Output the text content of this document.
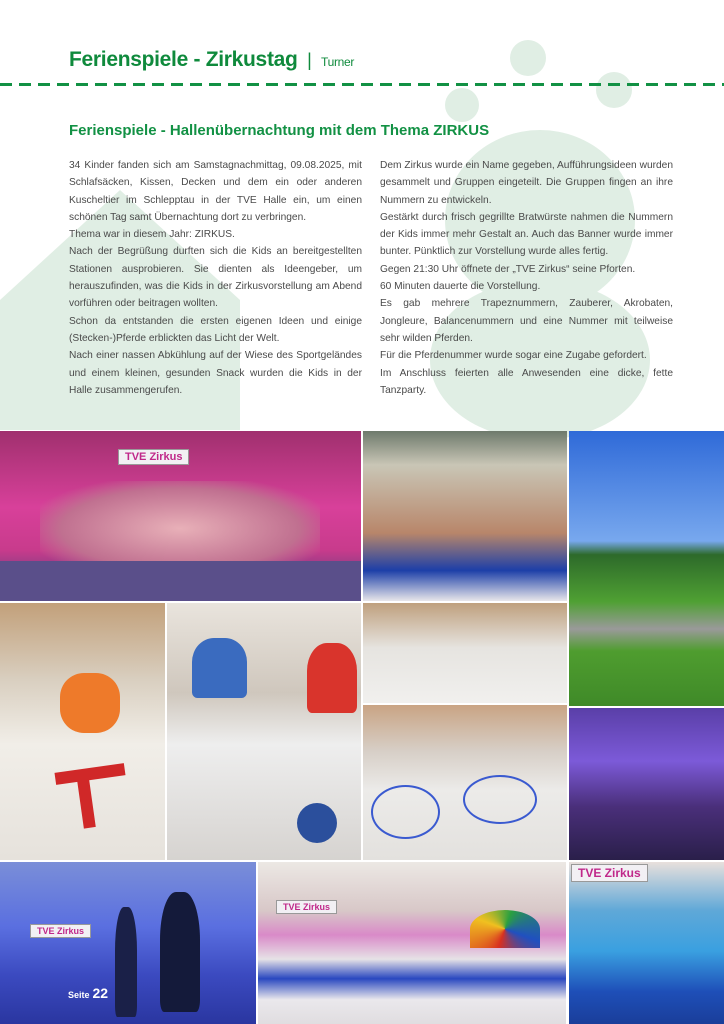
Ferienspiele - Zirkustag | Turner
Ferienspiele - Hallenübernachtung mit dem Thema ZIRKUS

34 Kinder fanden sich am Samstagnachmittag, 09.08.2025, mit Schlafsäcken, Kissen, Decken und dem ein oder anderen Kuscheltier im Schlepptau in der TVE Halle ein, um einen schönen Tag samt Übernachtung dort zu verbringen.

Thema war in diesem Jahr: ZIRKUS.

Nach der Begrüßung durften sich die Kids an bereitgestellten Stationen ausprobieren. Sie dienten als Ideengeber, um herauszufinden, was die Kids in der Zirkusvorstellung am Abend vorführen oder beitragen wollten.

Schon da entstanden die ersten eigenen Ideen und einige (Stecken-)Pferde erblickten das Licht der Welt.

Nach einer nassen Abkühlung auf der Wiese des Sportgeländes und einem kleinen, gesunden Snack wurden die Kids in der Halle zusammengerufen.

Dem Zirkus wurde ein Name gegeben, Aufführungsideen wurden gesammelt und Gruppen eingeteilt. Die Gruppen fingen an ihre Nummern zu entwickeln.

Gestärkt durch frisch gegrillte Bratwürste nahmen die Nummern der Kids immer mehr Gestalt an. Auch das Banner wurde immer bunter. Pünktlich zur Vorstellung wurde alles fertig.

Gegen 21:30 Uhr öffnete der „TVE Zirkus“ seine Pforten.

60 Minuten dauerte die Vorstellung.

Es gab mehrere Trapeznummern, Zauberer, Akrobaten, Jongleure, Balancenummern und eine Nummer mit teilweise sehr wilden Pferden.

Für die Pferdenummer wurde sogar eine Zugabe gefordert.

Im Anschluss feierten alle Anwesenden eine dicke, fette Tanzparty.

TVE Zirkus
TVE Zirkus
TVE Zirkus
TVE Zirkus
Seite 22
